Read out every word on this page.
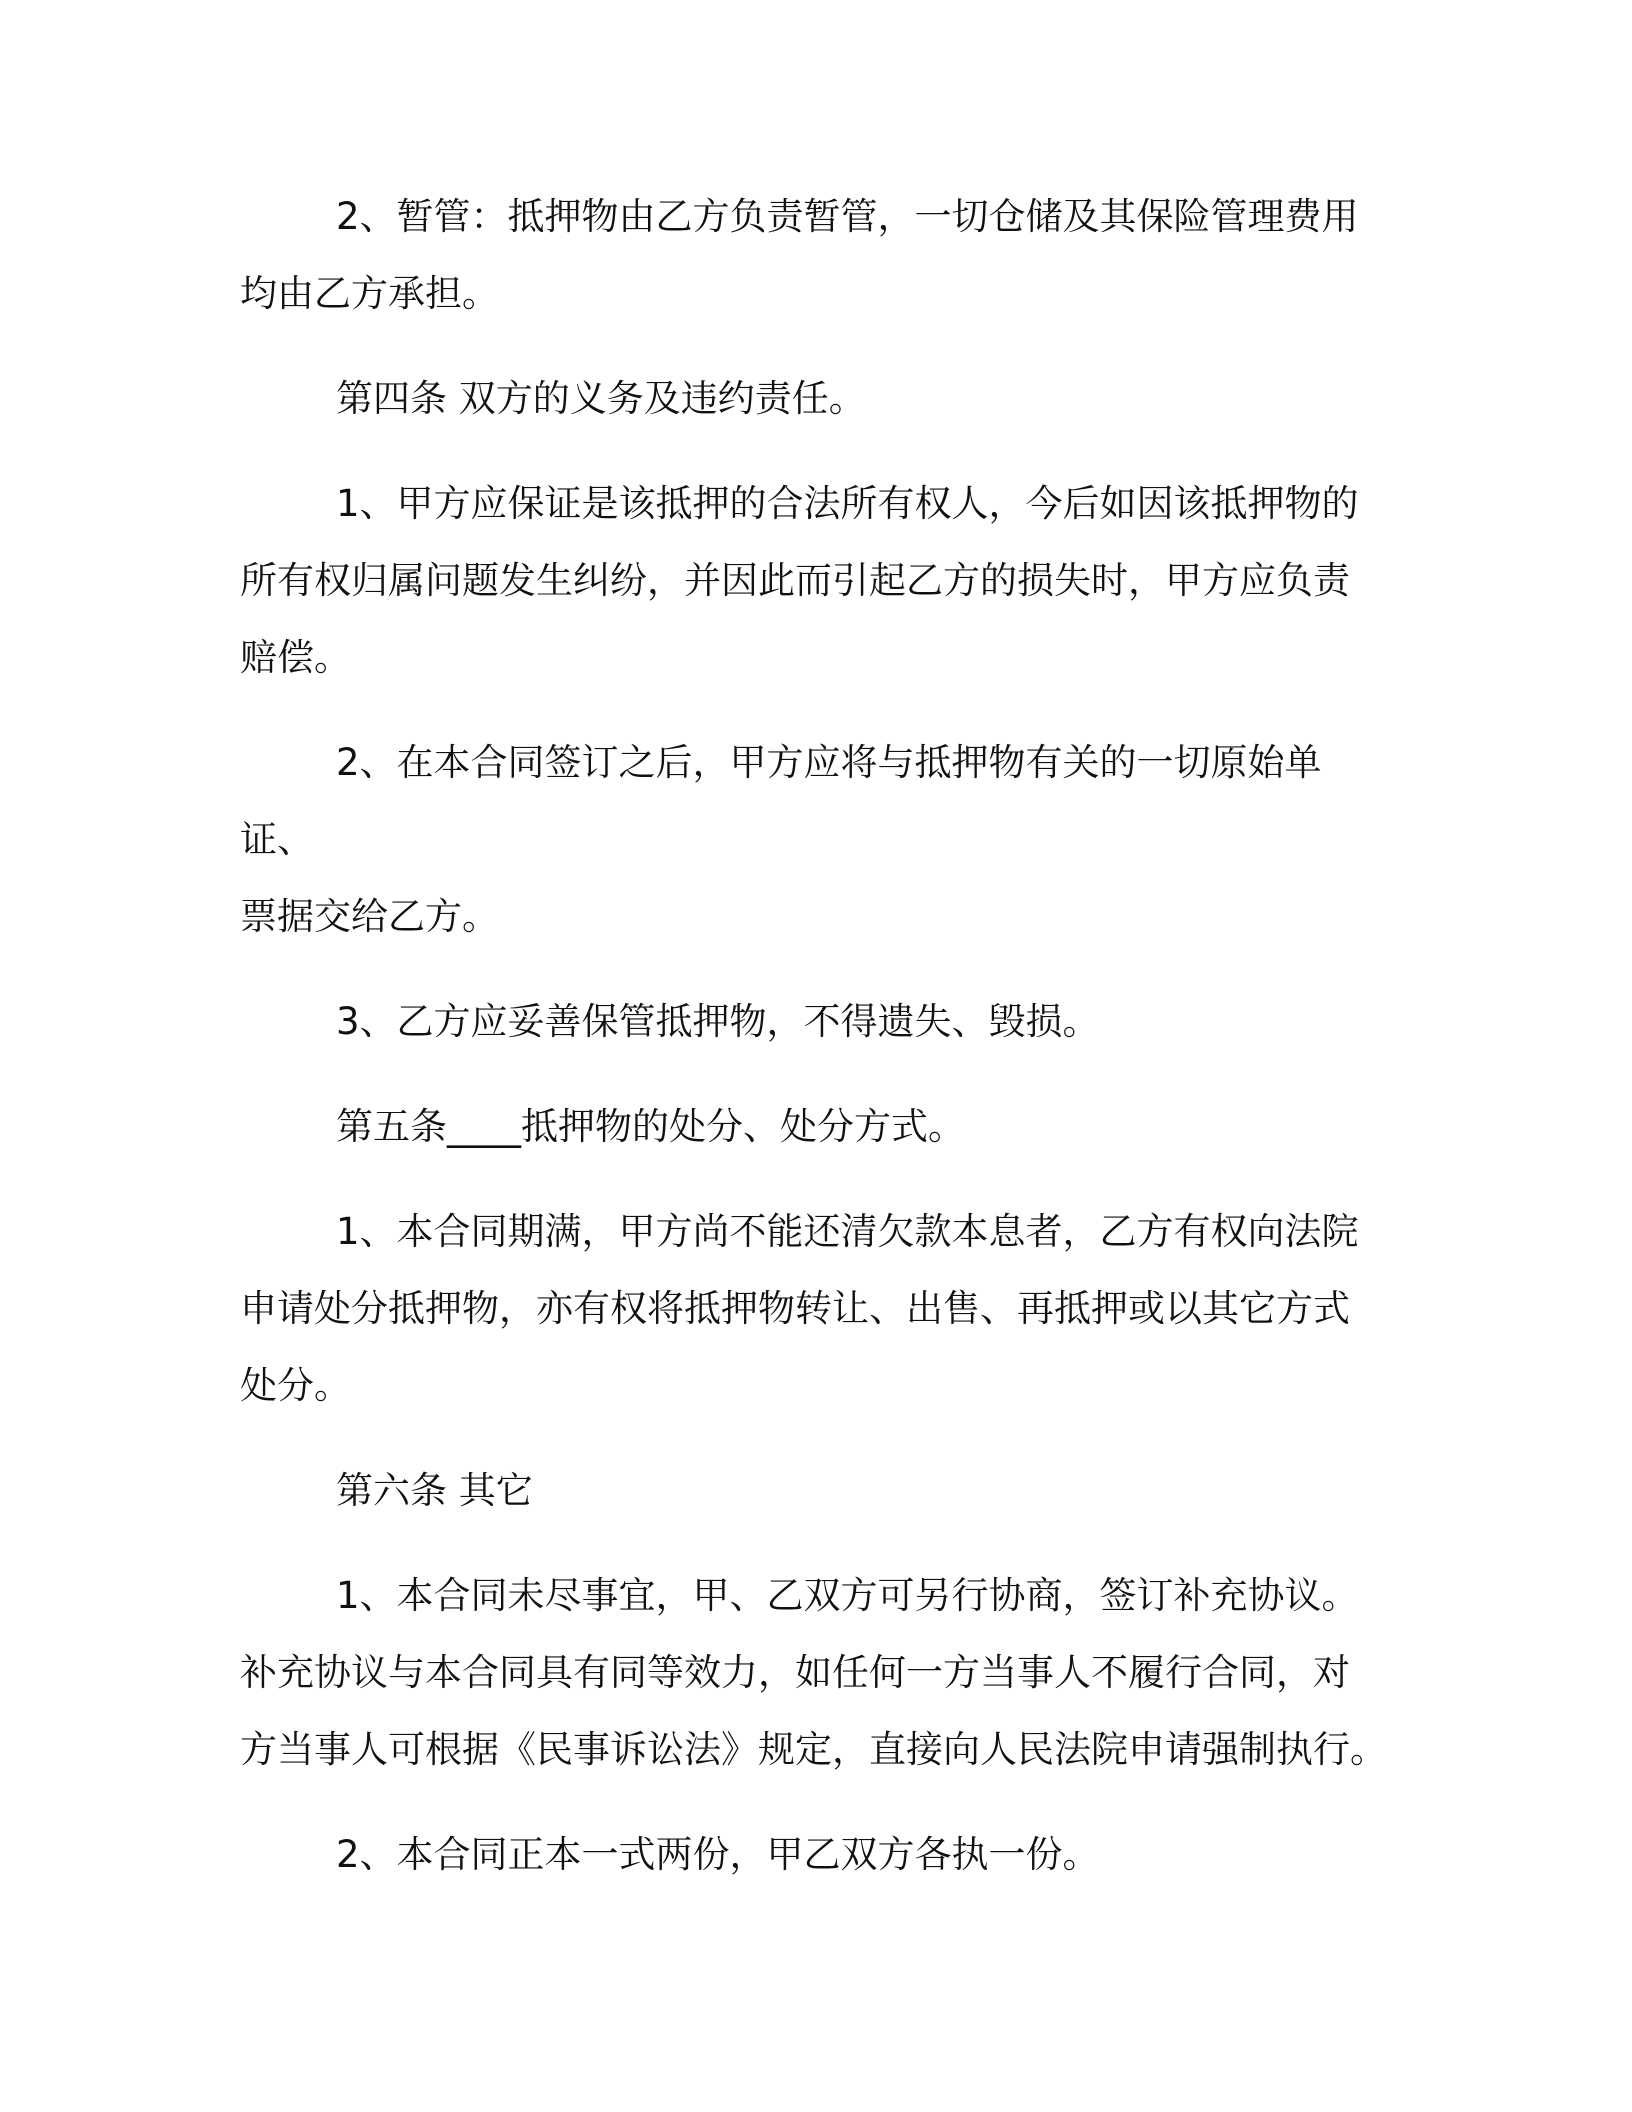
2、暂管：抵押物由乙方负责暂管，一切仓储及其保险管理费用
均由乙方承担。

第四条 双方的义务及违约责任。

1、甲方应保证是该抵押的合法所有权人，今后如因该抵押物的
所有权归属问题发生纠纷，并因此而引起乙方的损失时，甲方应负责
赔偿。

2、在本合同签订之后，甲方应将与抵押物有关的一切原始单证、
票据交给乙方。

3、乙方应妥善保管抵押物，不得遗失、毁损。

第五条____抵押物的处分、处分方式。

1、本合同期满，甲方尚不能还清欠款本息者，乙方有权向法院
申请处分抵押物，亦有权将抵押物转让、出售、再抵押或以其它方式
处分。

第六条 其它

1、本合同未尽事宜，甲、乙双方可另行协商，签订补充协议。
补充协议与本合同具有同等效力，如任何一方当事人不履行合同，对
方当事人可根据《民事诉讼法》规定，直接向人民法院申请强制执行。

2、本合同正本一式两份，甲乙双方各执一份。
